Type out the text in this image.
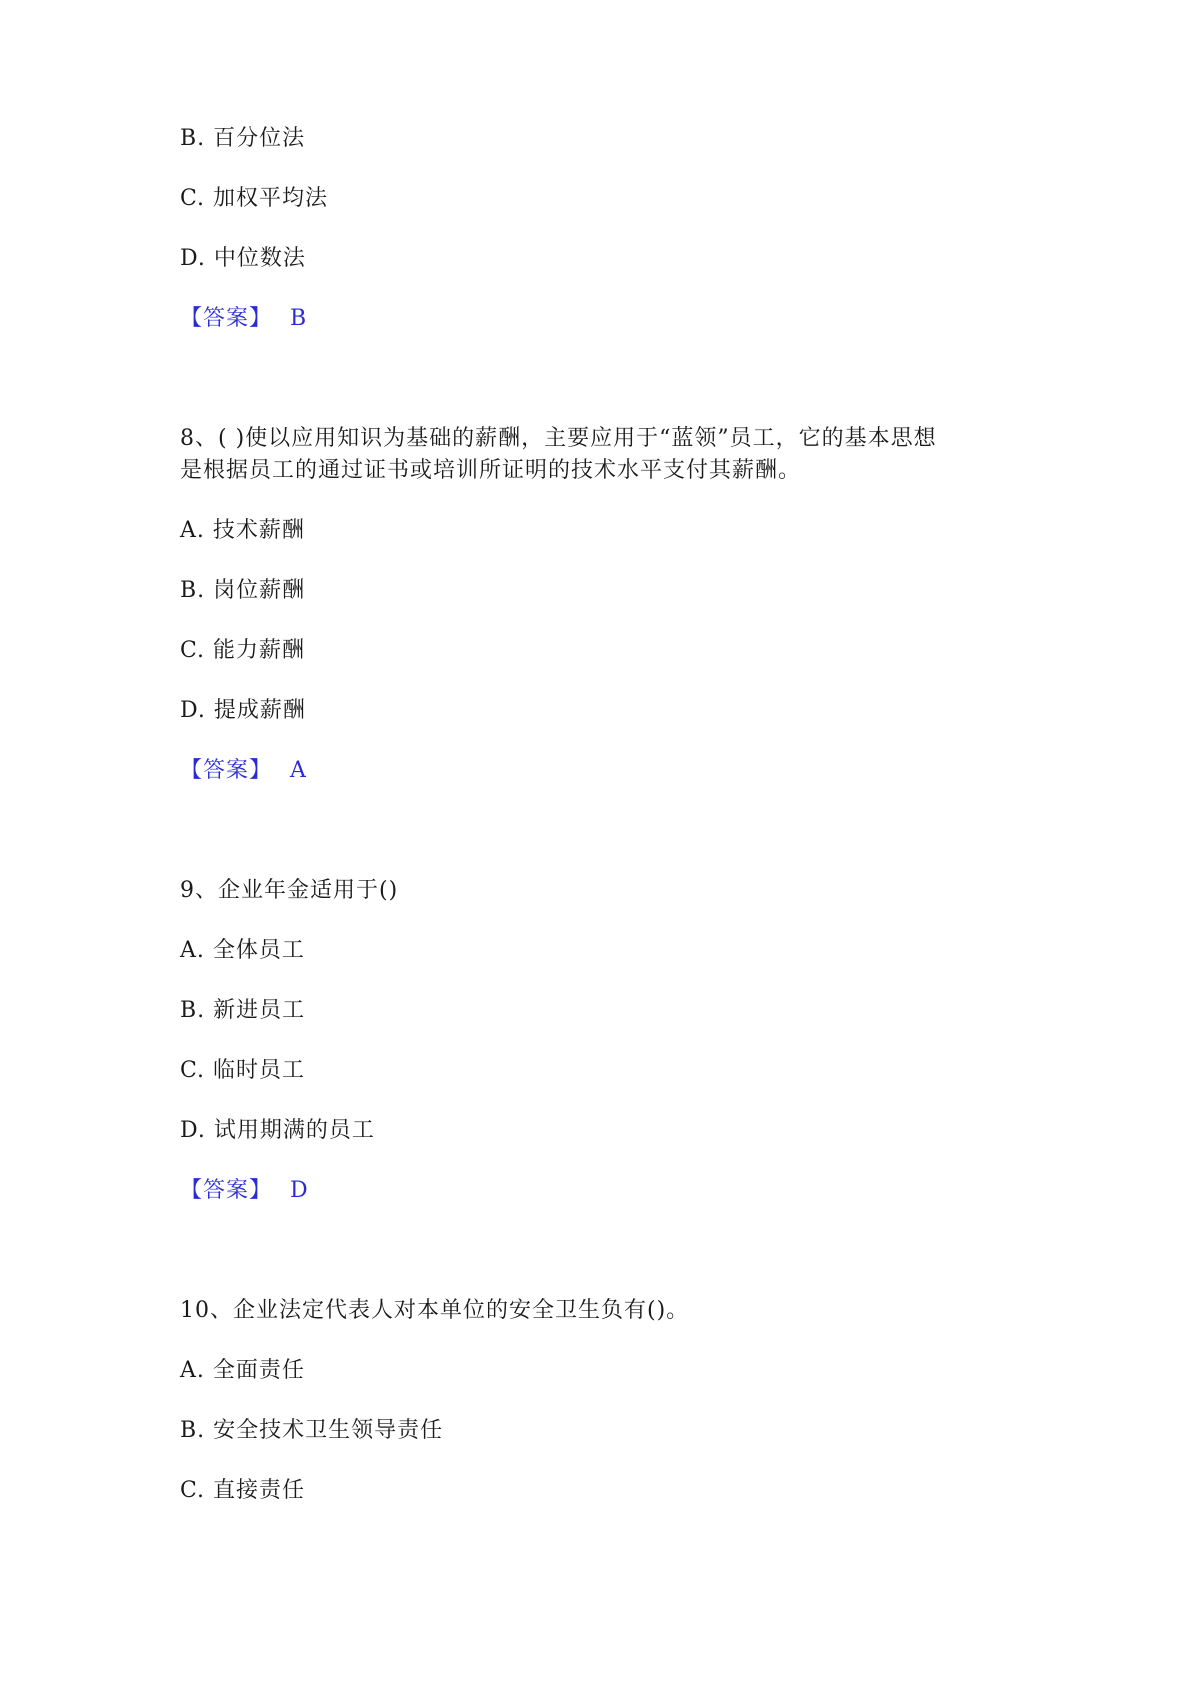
B. 百分位法
C. 加权平均法
D. 中位数法
【答案】 B
8、( )使以应用知识为基础的薪酬，主要应用于“蓝领”员工，它的基本思想
是根据员工的通过证书或培训所证明的技术水平支付其薪酬。
A. 技术薪酬
B. 岗位薪酬
C. 能力薪酬
D. 提成薪酬
【答案】 A
9、企业年金适用于()
A. 全体员工
B. 新进员工
C. 临时员工
D. 试用期满的员工
【答案】 D
10、企业法定代表人对本单位的安全卫生负有()。
A. 全面责任
B. 安全技术卫生领导责任
C. 直接责任
